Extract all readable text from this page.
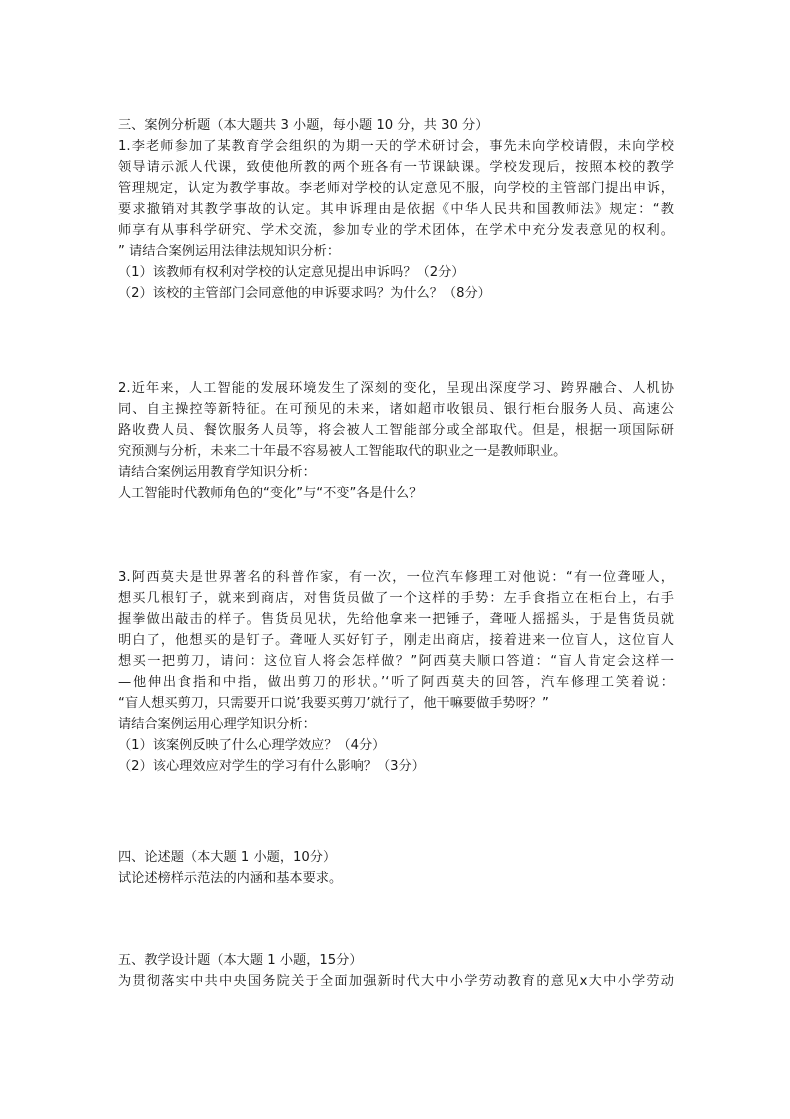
三、案例分析题（本大题共 3 小题，每小题 10 分，共 30 分）
1.李老师参加了某教育学会组织的为期一天的学术研讨会，事先未向学校请假，未向学校
领导请示派人代课，致使他所教的两个班各有一节课缺课。学校发现后，按照本校的教学
管理规定，认定为教学事故。李老师对学校的认定意见不服，向学校的主管部门提出申诉，
要求撤销对其教学事故的认定。其申诉理由是依据《中华人民共和国教师法》规定：“教
师享有从事科学研究、学术交流，参加专业的学术团体，在学术中充分发表意见的权利。
” 请结合案例运用法律法规知识分析：
（1）该教师有权利对学校的认定意见提出申诉吗？（2分）
（2）该校的主管部门会同意他的申诉要求吗？为什么？（8分）
2.近年来，人工智能的发展环境发生了深刻的变化，呈现出深度学习、跨界融合、人机协
同、自主操控等新特征。在可预见的未来，诸如超市收银员、银行柜台服务人员、高速公
路收费人员、餐饮服务人员等，将会被人工智能部分或全部取代。但是，根据一项国际研
究预测与分析，未来二十年最不容易被人工智能取代的职业之一是教师职业。
请结合案例运用教育学知识分析：
人工智能时代教师角色的“变化”与“不变”各是什么？
3.阿西莫夫是世界著名的科普作家，有一次，一位汽车修理工对他说：“有一位聋哑人，
想买几根钉子，就来到商店，对售货员做了一个这样的手势：左手食指立在柜台上，右手
握拳做出敲击的样子。售货员见状，先给他拿来一把锤子，聋哑人摇摇头，于是售货员就
明白了，他想买的是钉子。聋哑人买好钉子，刚走出商店，接着进来一位盲人，这位盲人
想买一把剪刀，请问：这位盲人将会怎样做？”阿西莫夫顺口答道：“盲人肯定会这样一
—他伸出食指和中指，做出剪刀的形状。’‘听了阿西莫夫的回答，汽车修理工笑着说：
“盲人想买剪刀，只需要开口说’我要买剪刀’就行了，他干嘛要做手势呀？”
请结合案例运用心理学知识分析：
（1）该案例反映了什么心理学效应？（4分）
（2）该心理效应对学生的学习有什么影响？（3分）
四、论述题（本大题 1 小题，10分）
试论述榜样示范法的内涵和基本要求。
五、教学设计题（本大题 1 小题，15分）
为贯彻落实中共中央国务院关于全面加强新时代大中小学劳动教育的意见ⅹ大中小学劳动
